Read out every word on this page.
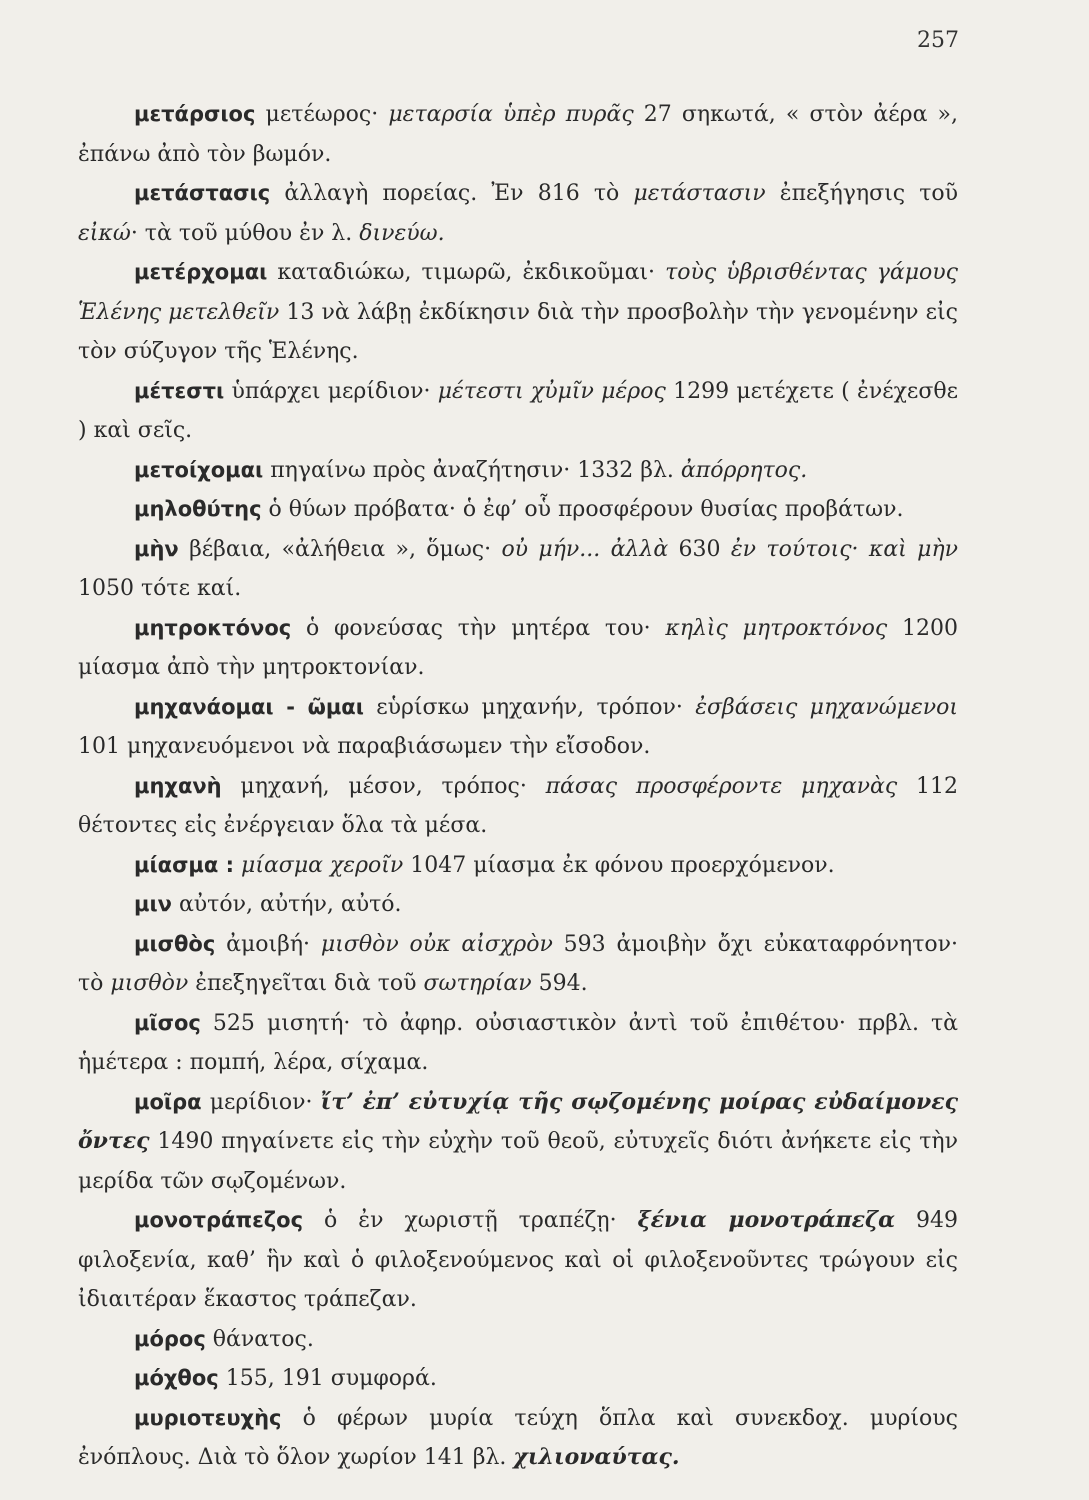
257

μετάρσιος μετέωρος· μεταρσία ὑπὲρ πυρᾶς 27 σηκωτά, « στὸν ἀέρα », ἐπάνω ἀπὸ τὸν βωμόν.

μετάστασις ἀλλαγὴ πορείας. Ἐν 816 τὸ μετάστασιν ἐπεξήγησις τοῦ εἰκώ· τὰ τοῦ μύθου ἐν λ. δινεύω.

μετέρχομαι καταδιώκω, τιμωρῶ, ἐκδικοῦμαι· τοὺς ὑβρισθέντας γάμους Ἑλένης μετελθεῖν 13 νὰ λάβῃ ἐκδίκησιν διὰ τὴν προσβολὴν τὴν γενομένην εἰς τὸν σύζυγον τῆς Ἑλένης.

μέτεστι ὑπάρχει μερίδιον· μέτεστι χὐμῖν μέρος 1299 μετέχετε ( ἐνέχεσθε ) καὶ σεῖς.

μετοίχομαι πηγαίνω πρὸς ἀναζήτησιν· 1332 βλ. ἀπόρρητος.

μηλοθύτης ὁ θύων πρόβατα· ὁ ἐφ’ οὗ προσφέρουν θυσίας προβάτων.

μὴν βέβαια, «ἀλήθεια », ὅμως· οὐ μήν... ἀλλὰ 630 ἐν τούτοις· καὶ μὴν 1050 τότε καί.

μητροκτόνος ὁ φονεύσας τὴν μητέρα του· κηλὶς μητροκτόνος 1200 μίασμα ἀπὸ τὴν μητροκτονίαν.

μηχανάομαι - ῶμαι εὑρίσκω μηχανήν, τρόπον· ἐσβάσεις μηχανώμενοι 101 μηχανευόμενοι νὰ παραβιάσωμεν τὴν εἴσοδον.

μηχανὴ μηχανή, μέσον, τρόπος· πάσας προσφέροντε μηχανὰς 112 θέτοντες εἰς ἐνέργειαν ὅλα τὰ μέσα.

μίασμα : μίασμα χεροῖν 1047 μίασμα ἐκ φόνου προερχόμενον.

μιν αὐτόν, αὐτήν, αὐτό.

μισθὸς ἀμοιβή· μισθὸν οὐκ αἰσχρὸν 593 ἀμοιβὴν ὄχι εὐκαταφρόνητον· τὸ μισθὸν ἐπεξηγεῖται διὰ τοῦ σωτηρίαν 594.

μῖσος 525 μισητή· τὸ ἀφηρ. οὐσιαστικὸν ἀντὶ τοῦ ἐπιθέτου· πρβλ. τὰ ἡμέτερα : πομπή, λέρα, σίχαμα.

μοῖρα μερίδιον· ἴτ’ ἐπ’ εὐτυχίᾳ τῆς σῳζομένης μοίρας εὐδαίμονες ὄντες 1490 πηγαίνετε εἰς τὴν εὐχὴν τοῦ θεοῦ, εὐτυχεῖς διότι ἀνήκετε εἰς τὴν μερίδα τῶν σῳζομένων.

μονοτράπεζος ὁ ἐν χωριστῇ τραπέζῃ· ξένια μονοτράπεζα 949 φιλοξενία, καθ’ ἣν καὶ ὁ φιλοξενούμενος καὶ οἱ φιλοξενοῦντες τρώγουν εἰς ἰδιαιτέραν ἕκαστος τράπεζαν.

μόρος θάνατος.

μόχθος 155, 191 συμφορά.

μυριοτευχὴς ὁ φέρων μυρία τεύχη ὅπλα καὶ συνεκδοχ. μυρίους ἐνόπλους. Διὰ τὸ ὅλον χωρίον 141 βλ. χιλιοναύτας.
